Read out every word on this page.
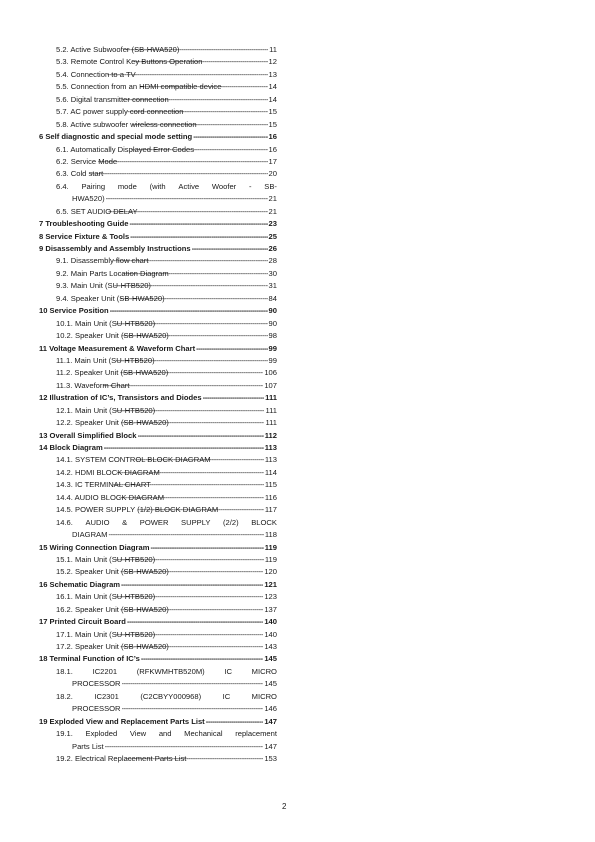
5.2. Active Subwoofer (SB-HWA520) -----	11
5.3. Remote Control Key Buttons Operation -----	12
5.4. Connection to a TV -----	13
5.5. Connection from an HDMI compatible device -----	14
5.6. Digital transmitter connection -----	14
5.7. AC power supply cord connection -----	15
5.8. Active subwoofer wireless connection -----	15
6 Self diagnostic and special mode setting -----	16
6.1. Automatically Displayed Error Codes -----	16
6.2. Service Mode -----	17
6.3. Cold start -----	20
6.4. Pairing mode (with Active Woofer - SB-
HWA520) -----	21
6.5. SET AUDIO DELAY -----	21
7 Troubleshooting Guide -----	23
8 Service Fixture & Tools -----	25
9 Disassembly and Assembly Instructions -----	26
9.1. Disassembly flow chart -----	28
9.2. Main Parts Location Diagram -----	30
9.3. Main Unit (SU-HTB520) -----	31
9.4. Speaker Unit (SB-HWA520) -----	84
10 Service Position -----	90
10.1. Main Unit (SU-HTB520) -----	90
10.2. Speaker Unit (SB-HWA520) -----	98
11 Voltage Measurement & Waveform Chart -----	99
11.1. Main Unit (SU-HTB520) -----	99
11.2. Speaker Unit (SB-HWA520) -----	106
11.3. Waveform Chart -----	107
12 Illustration of IC’s, Transistors and Diodes -----	111
12.1. Main Unit (SU-HTB520) -----	111
12.2. Speaker Unit (SB-HWA520) -----	111
13 Overall Simplified Block -----	112
14 Block Diagram -----	113
14.1. SYSTEM CONTROL BLOCK DIAGRAM -----	113
14.2. HDMI BLOCK DIAGRAM -----	114
14.3. IC TERMINAL CHART -----	115
14.4. AUDIO BLOCK DIAGRAM -----	116
14.5. POWER SUPPLY (1/2) BLOCK DIAGRAM -----	117
14.6. AUDIO & POWER SUPPLY (2/2) BLOCK
DIAGRAM -----	118
15 Wiring Connection Diagram -----	119
15.1. Main Unit (SU-HTB520) -----	119
15.2. Speaker Unit (SB-HWA520) -----	120
16 Schematic Diagram -----	121
16.1. Main Unit (SU-HTB520) -----	123
16.2. Speaker Unit (SB-HWA520) -----	137
17 Printed Circuit Board -----	140
17.1. Main Unit (SU-HTB520) -----	140
17.2. Speaker Unit (SB-HWA520) -----	143
18 Terminal Function of IC’s -----	145
18.1.	IC2201	(RFKWMHTB520M)	IC	MICRO
PROCESSOR -----	145
18.2.	IC2301	(C2CBYY000968)	IC	MICRO
PROCESSOR -----	146
19 Exploded View and Replacement Parts List -----	147
19.1. Exploded View and Mechanical replacement
Parts List -----	147
19.2. Electrical Replacement Parts List -----	153
2
